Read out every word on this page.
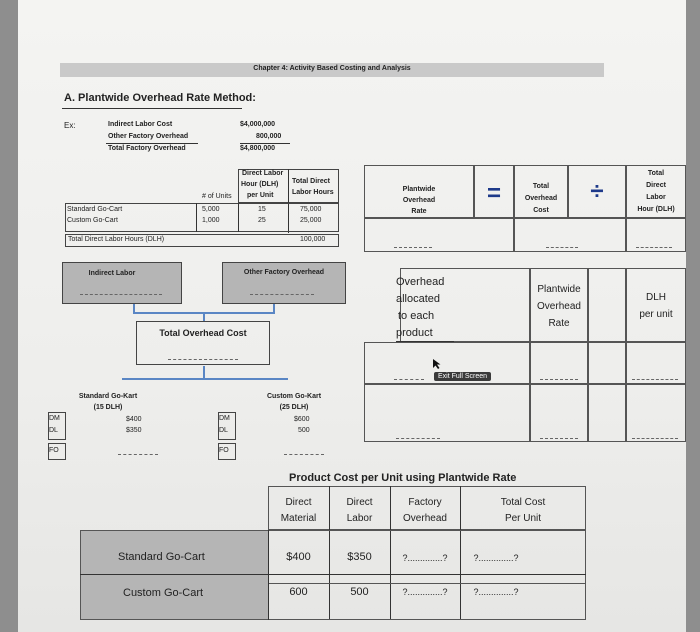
Chapter 4: Activity Based Costing and Analysis
A. Plantwide Overhead Rate Method:
Ex:	Indirect Labor Cost	$4,000,000
Other Factory Overhead	800,000
Total Factory Overhead	$4,800,000
Direct Labor
Hour (DLH)
per Unit
Total Direct
Labor Hours
# of Units
Standard Go-Cart	5,000	15	75,000
Custom Go-Cart	1,000	25	25,000
Total Direct Labor Hours (DLH)	100,000
Plantwide
Overhead
Rate
=	Total
Overhead
Cost
÷
Total
Direct
Labor
Hour (DLH)
Indirect Labor	Other Factory Overhead
Total Overhead Cost
Overhead
allocated
to each
product
Plantwide
Overhead
Rate
DLH
per unit
Exit Full Screen
Standard Go-Kart
(15 DLH)
DM
DL
$400
$350
FO
Custom Go-Kart
(25 DLH)
DM
DL
$600
500
FO
Product Cost per Unit using Plantwide Rate
Direct
Material
Direct
Labor
Factory
Overhead
Total Cost
Per Unit
Standard Go-Cart	$400	$350	?..............?	?..............?
Custom Go-Cart	600	500	?..............?	?..............?
